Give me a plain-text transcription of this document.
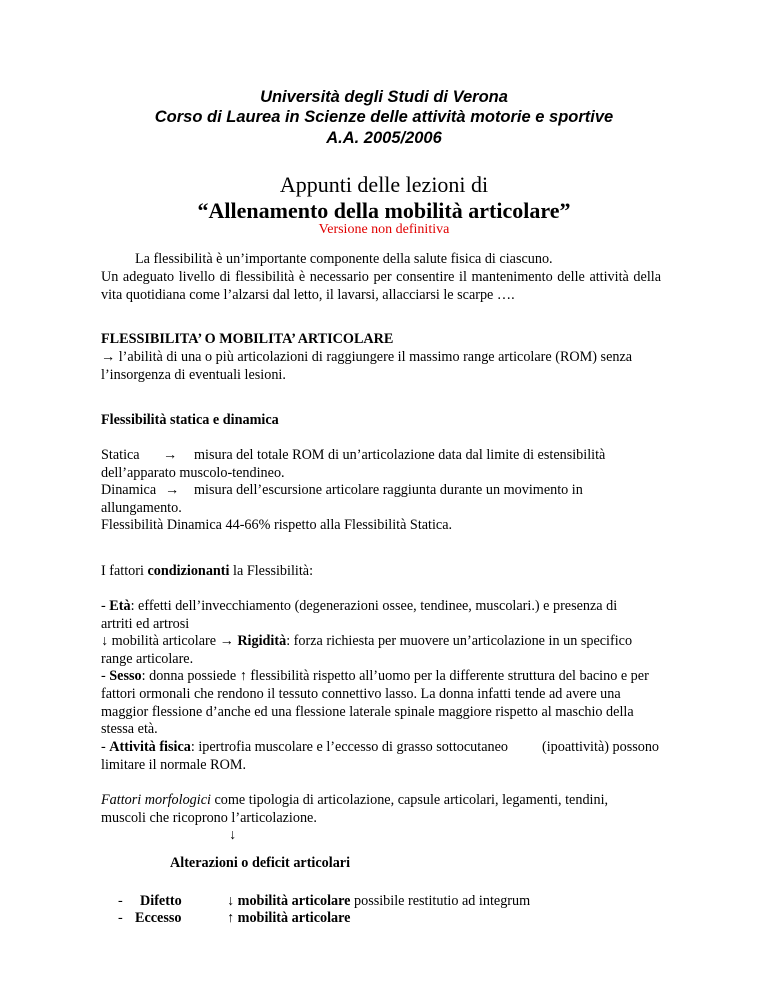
Università degli Studi di Verona
Corso di Laurea in Scienze delle attività motorie e sportive
A.A. 2005/2006
Appunti delle lezioni di
“Allenamento della mobilità articolare”
Versione non definitiva
La flessibilità è un’importante componente della salute fisica di ciascuno.
Un adeguato livello di flessibilità è necessario per consentire il mantenimento delle attività della vita quotidiana come l’alzarsi dal letto, il lavarsi, allacciarsi le scarpe ….
FLESSIBILITA’ O MOBILITA’ ARTICOLARE
→ l’abilità di una o più articolazioni di raggiungere il massimo range articolare (ROM) senza l’insorgenza di eventuali lesioni.
Flessibilità statica e dinamica
Statica → misura del totale ROM di un’articolazione data dal limite di estensibilità
dell’apparato muscolo-tendineo.
Dinamica → misura dell’escursione articolare raggiunta durante un movimento in
allungamento.
Flessibilità Dinamica 44-66% rispetto alla Flessibilità Statica.
I fattori condizionanti la Flessibilità:
- Età: effetti dell’invecchiamento (degenerazioni ossee, tendinee, muscolari.) e presenza di artriti ed artrosi
↓ mobilità articolare → Rigidità: forza richiesta per muovere un’articolazione in un specifico range articolare.
- Sesso: donna possiede ↑ flessibilità rispetto all’uomo per la differente struttura del bacino e per fattori ormonali che rendono il tessuto connettivo lasso. La donna infatti tende ad avere una maggior flessione d’anche ed una flessione laterale spinale maggiore rispetto al maschio della stessa età.
- Attività fisica: ipertrofia muscolare e l’eccesso di grasso sottocutaneo (ipoattività) possono
limitare il normale ROM.
Fattori morfologici come tipologia di articolazione, capsule articolari, legamenti, tendini, muscoli che ricoprono l’articolazione.
↓
Alterazioni o deficit articolari
-	Difetto	↓ mobilità articolare possibile restitutio ad integrum
- Eccesso	↑ mobilità articolare
